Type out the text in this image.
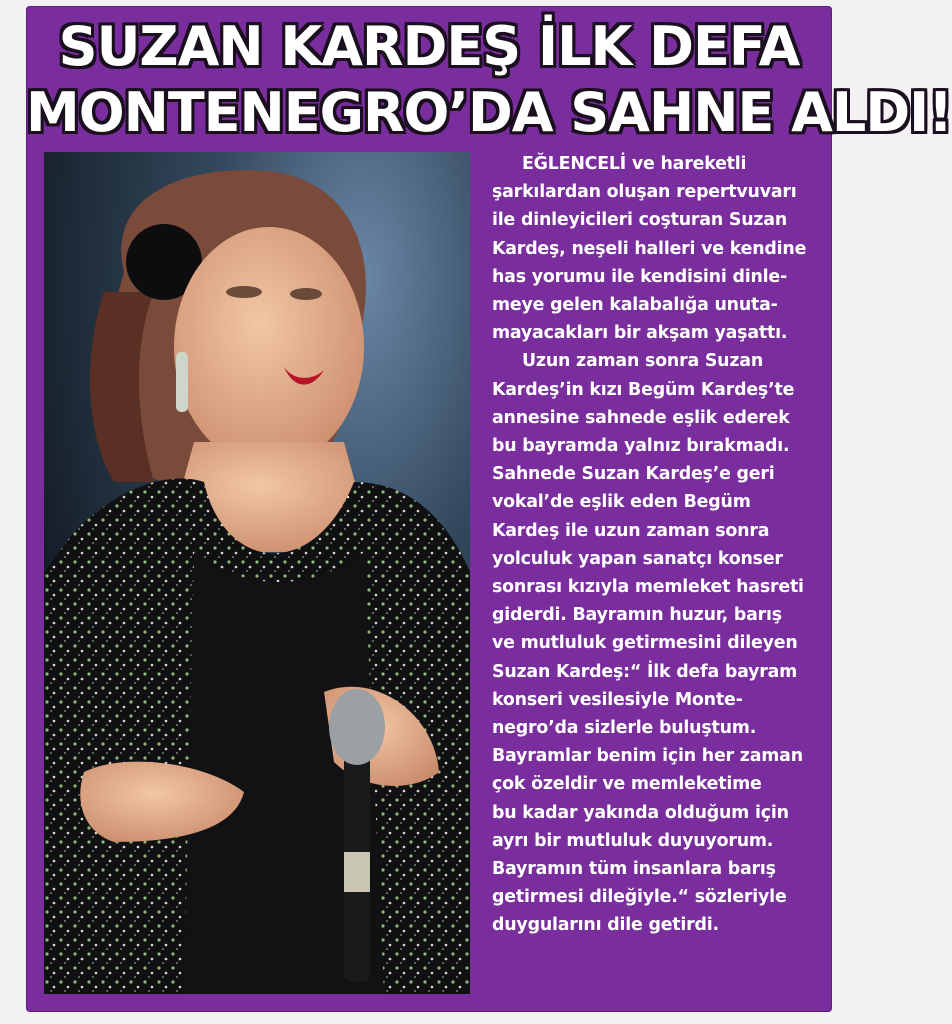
SUZAN KARDEŞ İLK DEFA
MONTENEGRO’DA SAHNE ALDI!
EĞLENCELİ ve hareketli
şarkılardan oluşan repertvuvarı
ile dinleyicileri coşturan Suzan
Kardeş, neşeli halleri ve kendine
has yorumu ile kendisini dinle-
meye gelen kalabalığa unuta-
mayacakları bir akşam yaşattı.
Uzun zaman sonra Suzan
Kardeş’in kızı Begüm Kardeş’te
annesine sahnede eşlik ederek
bu bayramda yalnız bırakmadı.
Sahnede Suzan Kardeş’e geri
vokal’de eşlik eden Begüm
Kardeş ile uzun zaman sonra
yolculuk yapan sanatçı konser
sonrası kızıyla memleket hasreti
giderdi. Bayramın huzur, barış
ve mutluluk getirmesini dileyen
Suzan Kardeş:“ İlk defa bayram
konseri vesilesiyle Monte-
negro’da sizlerle buluştum.
Bayramlar benim için her zaman
çok özeldir ve memleketime
bu kadar yakında olduğum için
ayrı bir mutluluk duyuyorum.
Bayramın tüm insanlara barış
getirmesi dileğiyle.“ sözleriyle
duygularını dile getirdi.
